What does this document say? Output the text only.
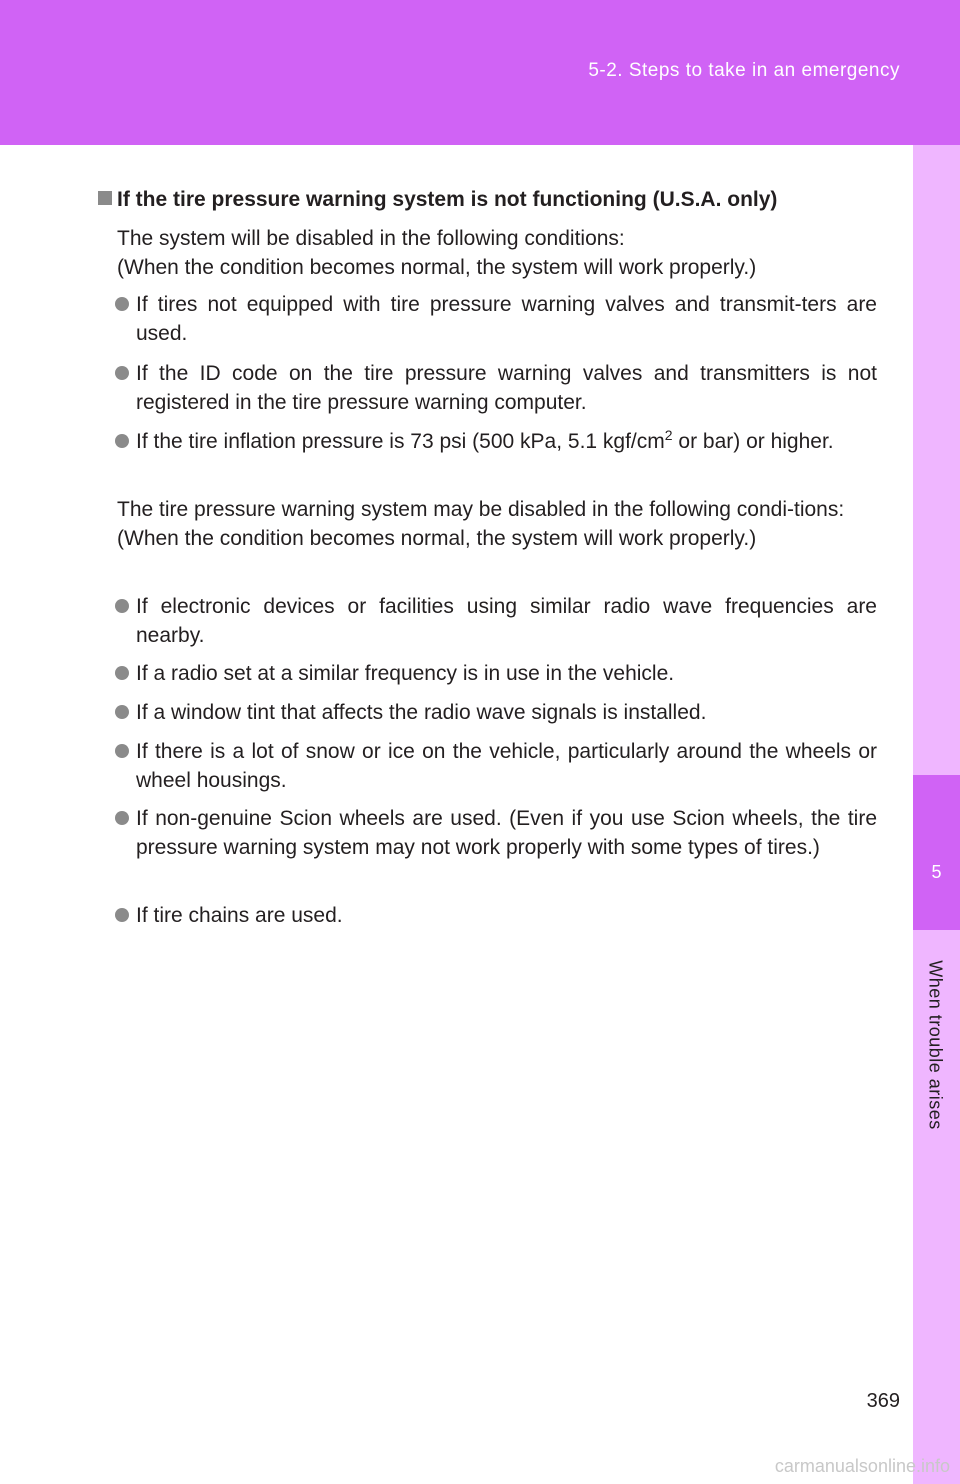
5-2. Steps to take in an emergency
5
When trouble arises
If the tire pressure warning system is not functioning (U.S.A. only)
The system will be disabled in the following conditions:
(When the condition becomes normal, the system will work properly.)
If tires not equipped with tire pressure warning valves and transmit-ters are used.
If the ID code on the tire pressure warning valves and transmitters is not registered in the tire pressure warning computer.
If the tire inflation pressure is 73 psi (500 kPa, 5.1 kgf/$cm^2$ or bar) or higher.
The tire pressure warning system may be disabled in the following condi-tions:
(When the condition becomes normal, the system will work properly.)
If electronic devices or facilities using similar radio wave frequencies are nearby.
If a radio set at a similar frequency is in use in the vehicle.
If a window tint that affects the radio wave signals is installed.
If there is a lot of snow or ice on the vehicle, particularly around the wheels or wheel housings.
If non-genuine Scion wheels are used. (Even if you use Scion wheels, the tire pressure warning system may not work properly with some types of tires.)
If tire chains are used.
369
carmanualsonline.info
